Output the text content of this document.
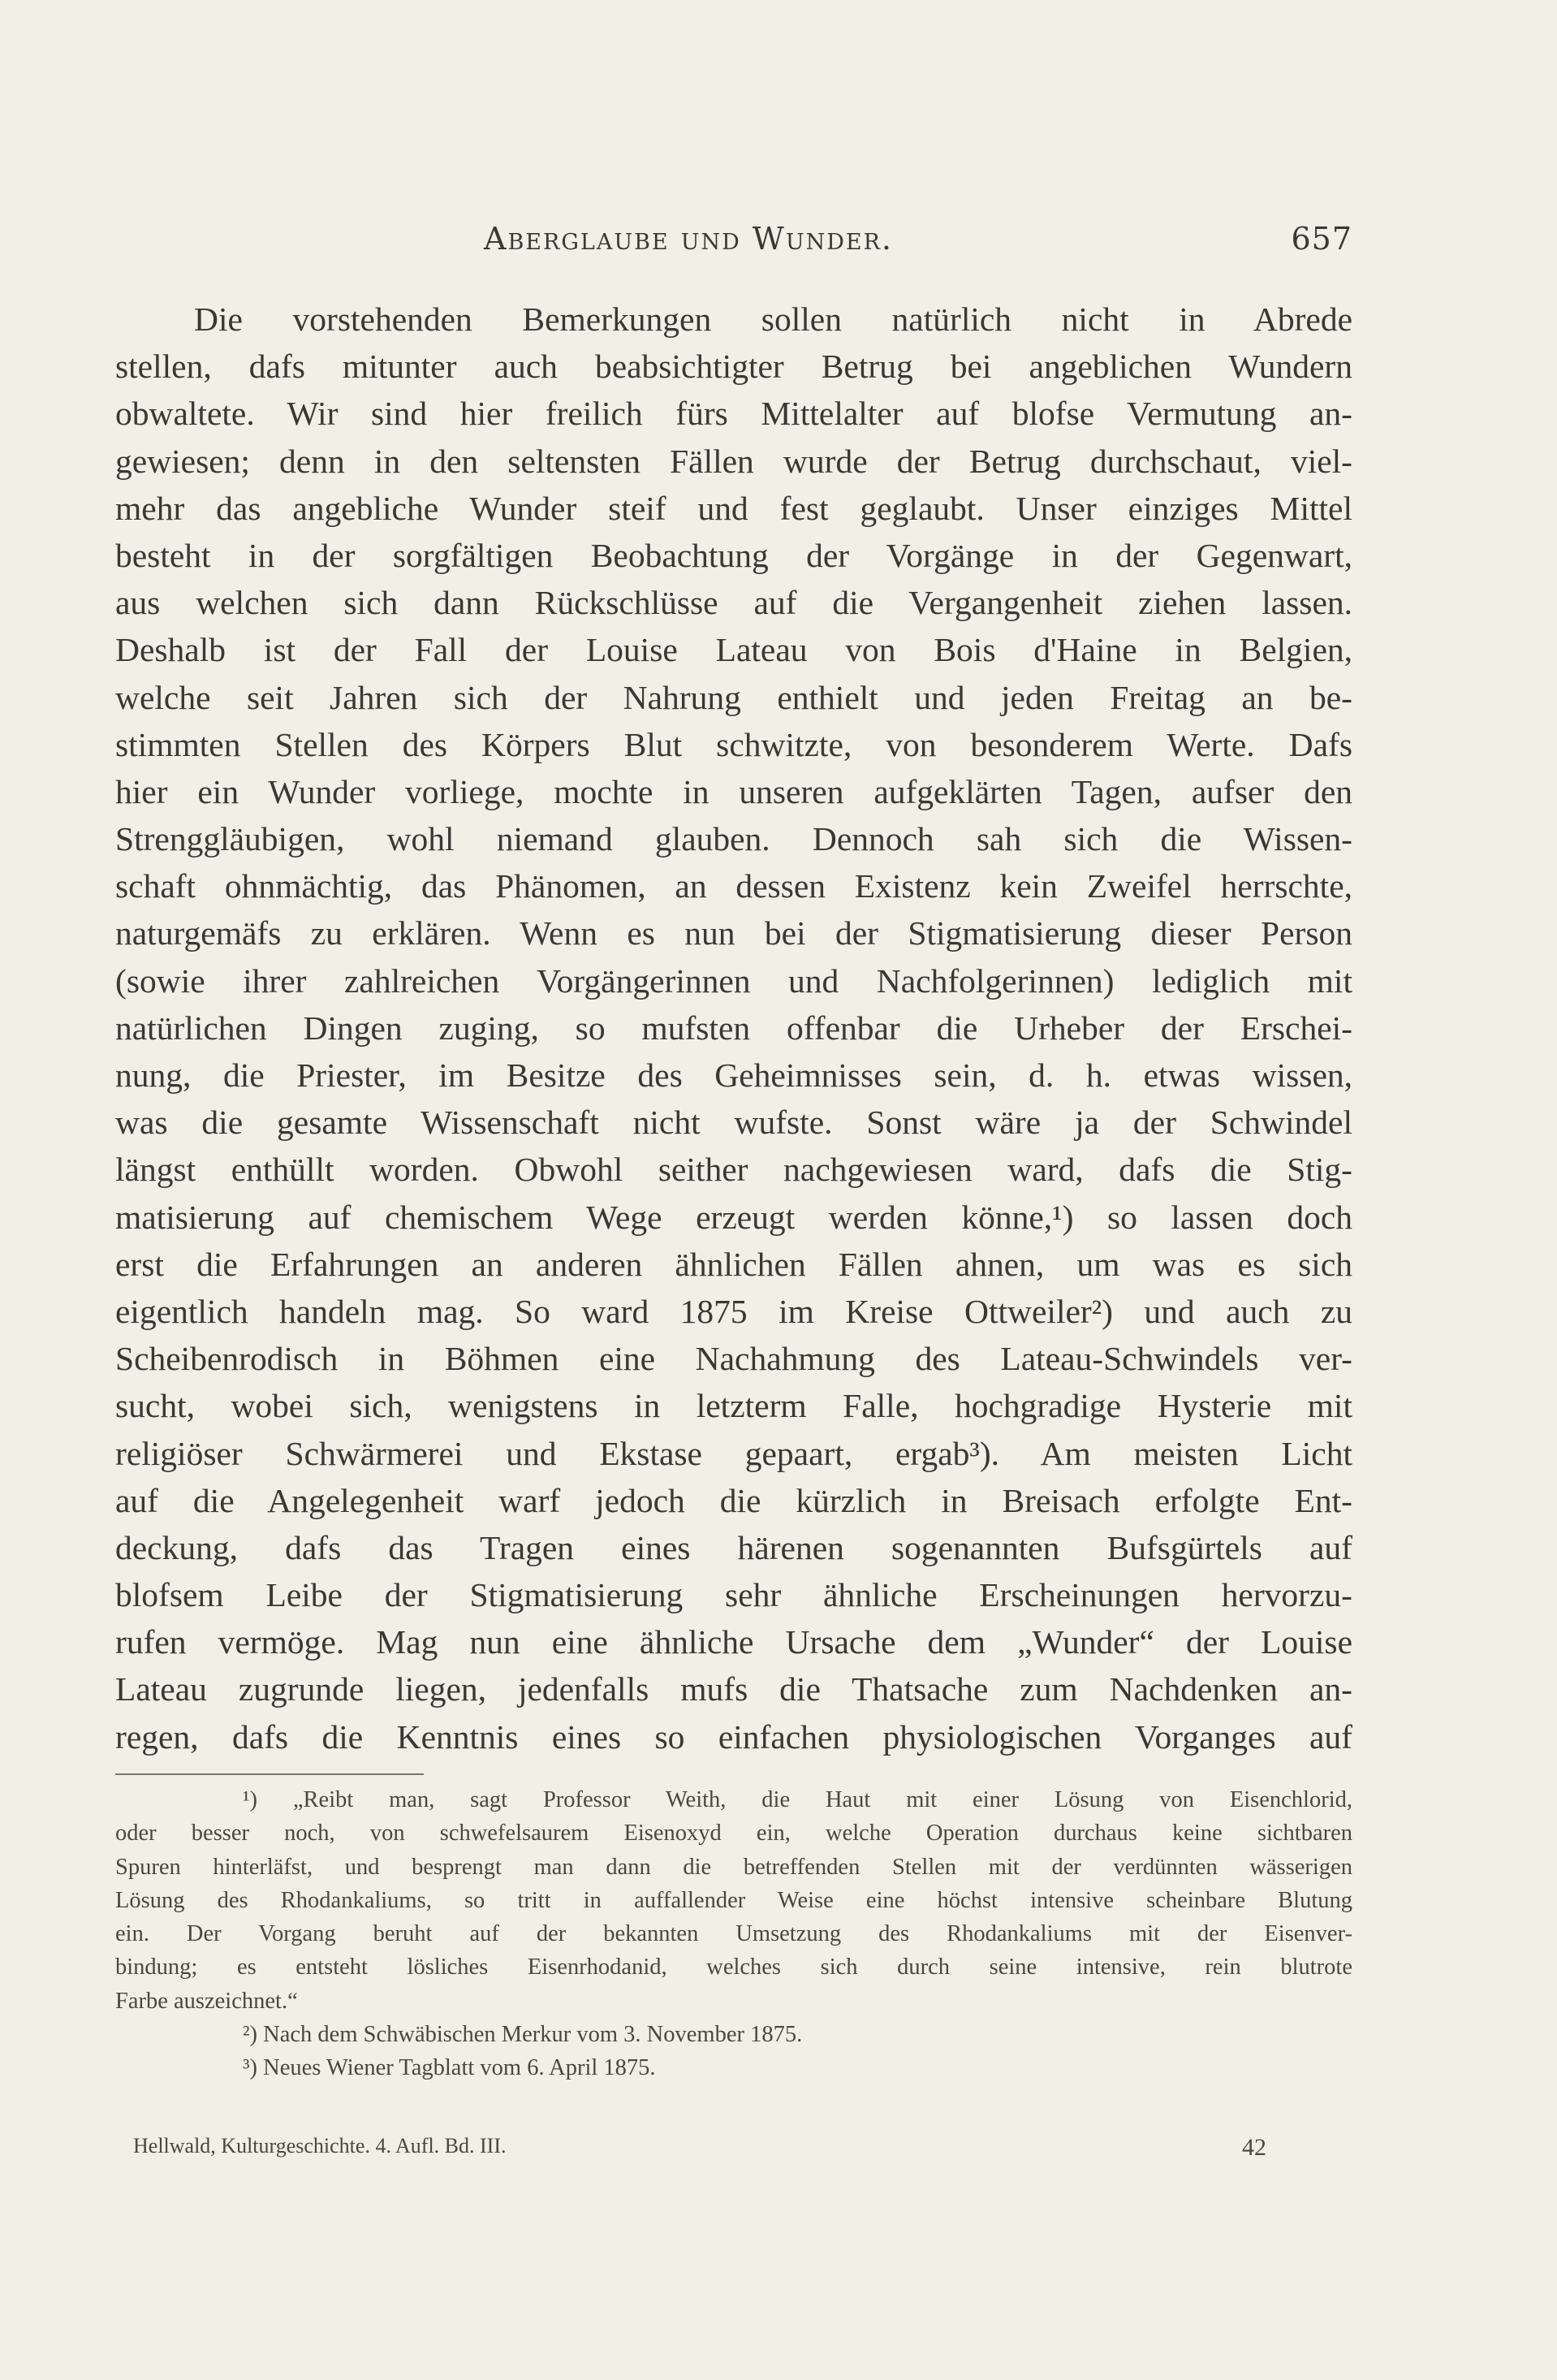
Aberglaube und Wunder.	657
Die vorstehenden Bemerkungen sollen natürlich nicht in Abrede
stellen, dafs mitunter auch beabsichtigter Betrug bei angeblichen Wundern
obwaltete. Wir sind hier freilich fürs Mittelalter auf blofse Vermutung an-
gewiesen; denn in den seltensten Fällen wurde der Betrug durchschaut, viel-
mehr das angebliche Wunder steif und fest geglaubt. Unser einziges Mittel
besteht in der sorgfältigen Beobachtung der Vorgänge in der Gegenwart,
aus welchen sich dann Rückschlüsse auf die Vergangenheit ziehen lassen.
Deshalb ist der Fall der Louise Lateau von Bois d'Haine in Belgien,
welche seit Jahren sich der Nahrung enthielt und jeden Freitag an be-
stimmten Stellen des Körpers Blut schwitzte, von besonderem Werte. Dafs
hier ein Wunder vorliege, mochte in unseren aufgeklärten Tagen, aufser den
Strenggläubigen, wohl niemand glauben. Dennoch sah sich die Wissen-
schaft ohnmächtig, das Phänomen, an dessen Existenz kein Zweifel herrschte,
naturgemäfs zu erklären. Wenn es nun bei der Stigmatisierung dieser Person
(sowie ihrer zahlreichen Vorgängerinnen und Nachfolgerinnen) lediglich mit
natürlichen Dingen zuging, so mufsten offenbar die Urheber der Erschei-
nung, die Priester, im Besitze des Geheimnisses sein, d. h. etwas wissen,
was die gesamte Wissenschaft nicht wufste. Sonst wäre ja der Schwindel
längst enthüllt worden. Obwohl seither nachgewiesen ward, dafs die Stig-
matisierung auf chemischem Wege erzeugt werden könne,¹) so lassen doch
erst die Erfahrungen an anderen ähnlichen Fällen ahnen, um was es sich
eigentlich handeln mag. So ward 1875 im Kreise Ottweiler²) und auch zu
Scheibenrodisch in Böhmen eine Nachahmung des Lateau-Schwindels ver-
sucht, wobei sich, wenigstens in letzterm Falle, hochgradige Hysterie mit
religiöser Schwärmerei und Ekstase gepaart, ergab³). Am meisten Licht
auf die Angelegenheit warf jedoch die kürzlich in Breisach erfolgte Ent-
deckung, dafs das Tragen eines härenen sogenannten Bufsgürtels auf
blofsem Leibe der Stigmatisierung sehr ähnliche Erscheinungen hervorzu-
rufen vermöge. Mag nun eine ähnliche Ursache dem „Wunder“ der Louise
Lateau zugrunde liegen, jedenfalls mufs die Thatsache zum Nachdenken an-
regen, dafs die Kenntnis eines so einfachen physiologischen Vorganges auf
¹) „Reibt man, sagt Professor Weith, die Haut mit einer Lösung von Eisenchlorid,
oder besser noch, von schwefelsaurem Eisenoxyd ein, welche Operation durchaus keine sichtbaren
Spuren hinterläfst, und besprengt man dann die betreffenden Stellen mit der verdünnten wässerigen
Lösung des Rhodankaliums, so tritt in auffallender Weise eine höchst intensive scheinbare Blutung
ein. Der Vorgang beruht auf der bekannten Umsetzung des Rhodankaliums mit der Eisenver-
bindung; es entsteht lösliches Eisenrhodanid, welches sich durch seine intensive, rein blutrote
Farbe auszeichnet.“
²) Nach dem Schwäbischen Merkur vom 3. November 1875.
³) Neues Wiener Tagblatt vom 6. April 1875.
Hellwald, Kulturgeschichte. 4. Aufl. Bd. III.	42
